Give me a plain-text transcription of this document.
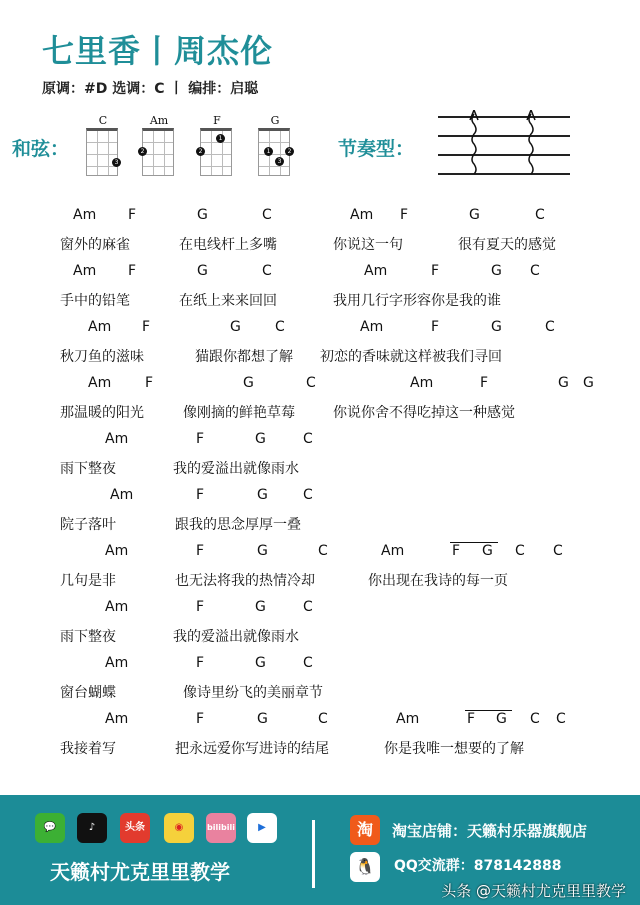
七里香丨周杰伦
原调：#D 选调：C 丨 编排：启聪
和弦：	节奏型：
C
3
Am
2
F
1
2
G
1	2
3
Am F	G	C	Am F	G	C
窗外的麻雀	在电线杆上多嘴	你说这一句	很有夏天的感觉
Am F	G	C	Am	F	G C
手中的铅笔	在纸上来来回回	我用几行字形容你是我的谁
Am F	G C	Am	F	G	C
秋刀鱼的滋味	猫跟你都想了解 初恋的香味就这样被我们寻回
Am F	G	C	Am	F	G G
那温暖的阳光	像刚摘的鲜艳草莓	你说你舍不得吃掉这一种感觉
Am	F	G	C
雨下整夜	我的爱溢出就像雨水
Am	F	G	C
院子落叶	跟我的思念厚厚一叠
Am	F	G	C	Am	F G C C
几句是非	也无法将我的热情冷却	你出现在我诗的每一页
Am	F	G	C
雨下整夜	我的爱溢出就像雨水
Am	F	G	C
窗台蝴蝶	像诗里纷飞的美丽章节
Am	F	G	C	Am	F G C C
我接着写	把永远爱你写进诗的结尾	你是我唯一想要的了解
💬	♪	头条	◉	bilibili	▶
天籁村尤克里里教学
淘	淘宝店铺：天籁村乐器旗舰店
🐧	QQ交流群：878142888
头条 @天籁村尤克里里教学
